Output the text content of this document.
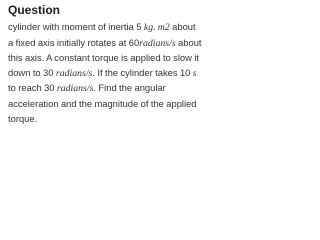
Question
cylinder with moment of inertia 5 kg. m2 about
a fixed axis initially rotates at 60radians/s about
this axis. A constant torque is applied to slow it
down to 30 radians/s. If the cylinder takes 10 s
to reach 30 radians/s. Find the angular
acceleration and the magnitude of the applied
torque.
